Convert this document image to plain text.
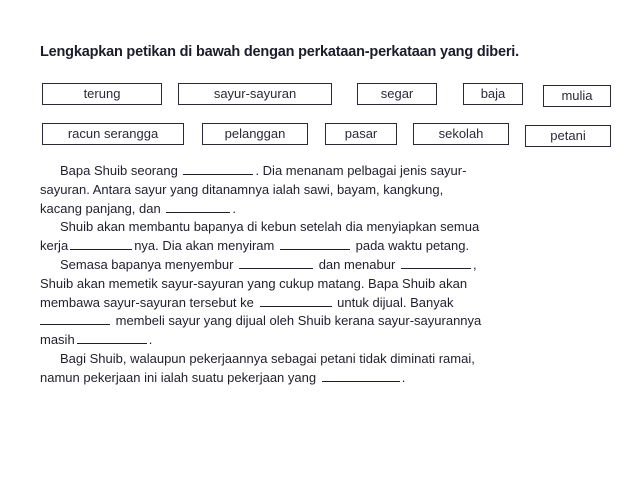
Lengkapkan petikan di bawah dengan perkataan-perkataan yang diberi.
terung	sayur-sayuran	segar	baja	mulia
racun serangga	pelanggan	pasar	sekolah	petani
Bapa Shuib seorang	. Dia menanam pelbagai jenis sayur-
sayuran. Antara sayur yang ditanamnya ialah sawi, bayam, kangkung,
kacang panjang, dan	.
Shuib akan membantu bapanya di kebun setelah dia menyiapkan semua
kerja	nya. Dia akan menyiram	pada waktu petang.
Semasa bapanya menyembur	dan menabur	,
Shuib akan memetik sayur-sayuran yang cukup matang. Bapa Shuib akan
membawa sayur-sayuran tersebut ke	untuk dijual. Banyak
membeli sayur yang dijual oleh Shuib kerana sayur-sayurannya
masih	.
Bagi Shuib, walaupun pekerjaannya sebagai petani tidak diminati ramai,
namun pekerjaan ini ialah suatu pekerjaan yang	.
